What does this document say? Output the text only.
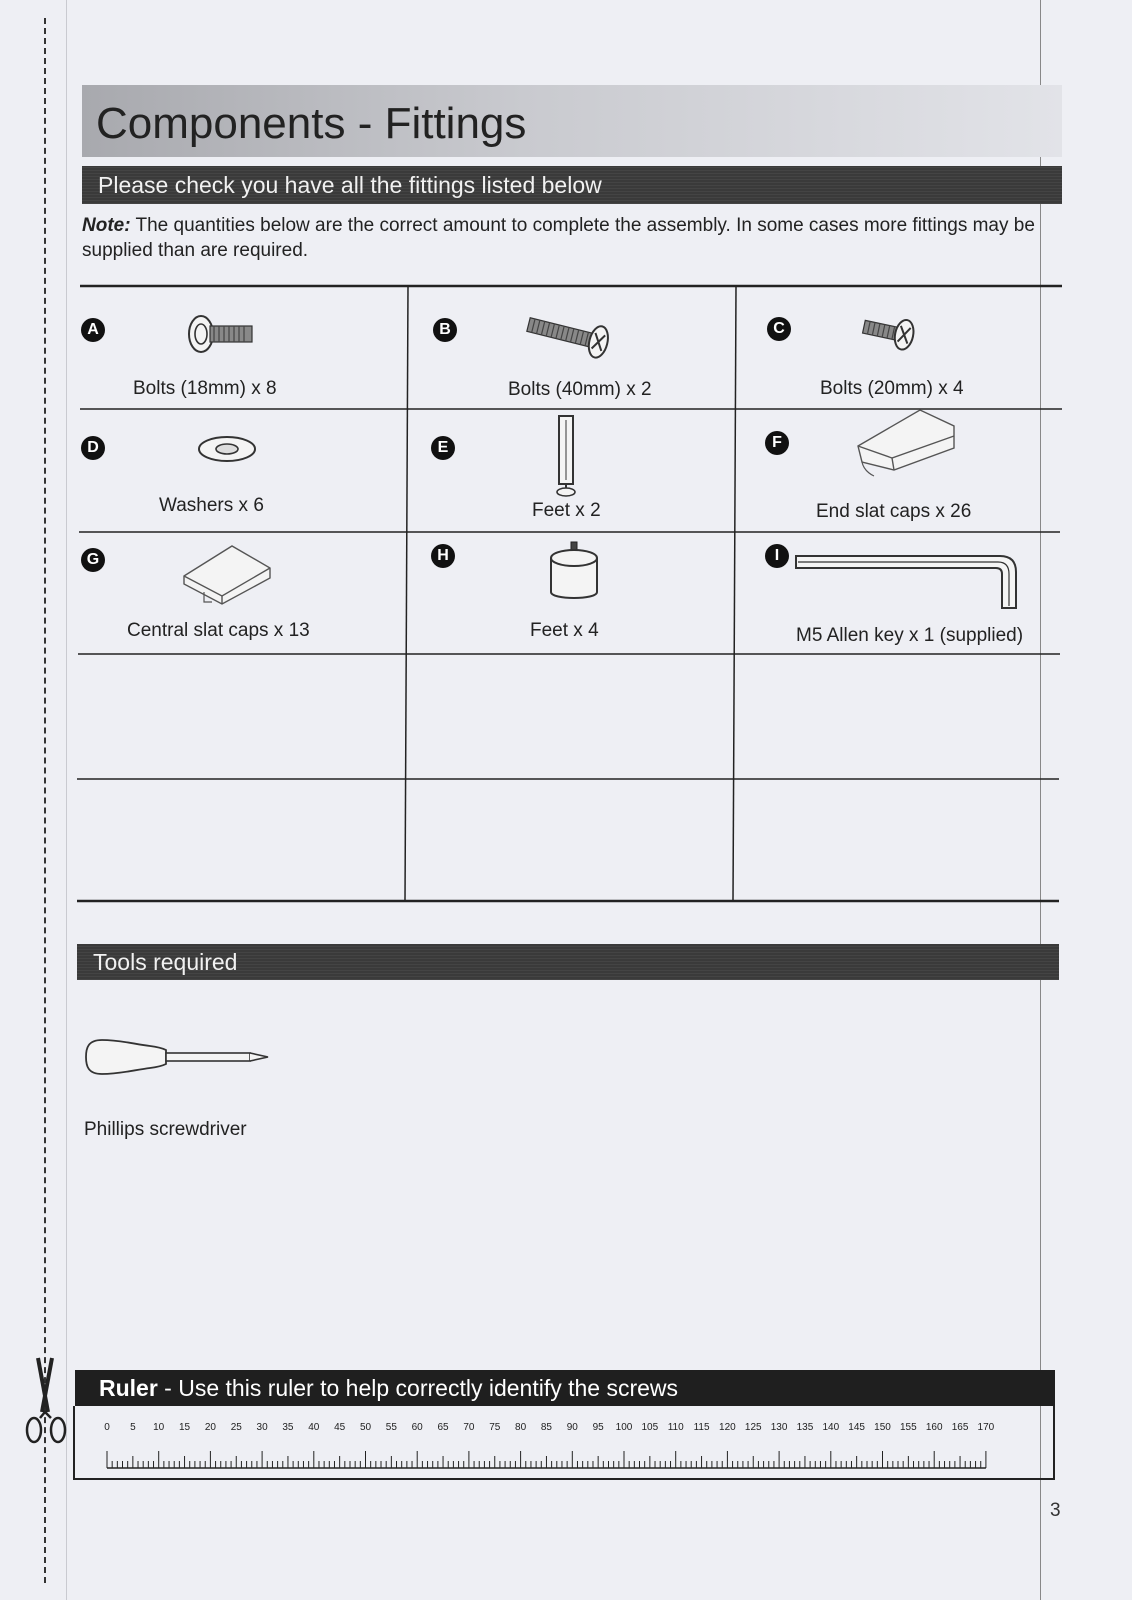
Components - Fittings
Please check you have all the fittings listed below
Note: The quantities below are the correct amount to complete the assembly. In some cases more fittings may be supplied than are required.
A
Bolts (18mm) x 8
B
Bolts (40mm) x 2
C
Bolts (20mm) x 4
D
Washers x 6
E
Feet x 2
F
End slat caps x 26
G
Central slat caps x 13
H
Feet x 4
I
M5 Allen key x 1 (supplied)
Tools required
Phillips screwdriver
Ruler - Use this ruler to help correctly identify the screws
0 5 10 15 20 25 30 35 40 45 50 55 60 65 70 75 80 85 90 95 100 105 110 115 120 125 130 135 140 145 150 155 160 165 170
3
